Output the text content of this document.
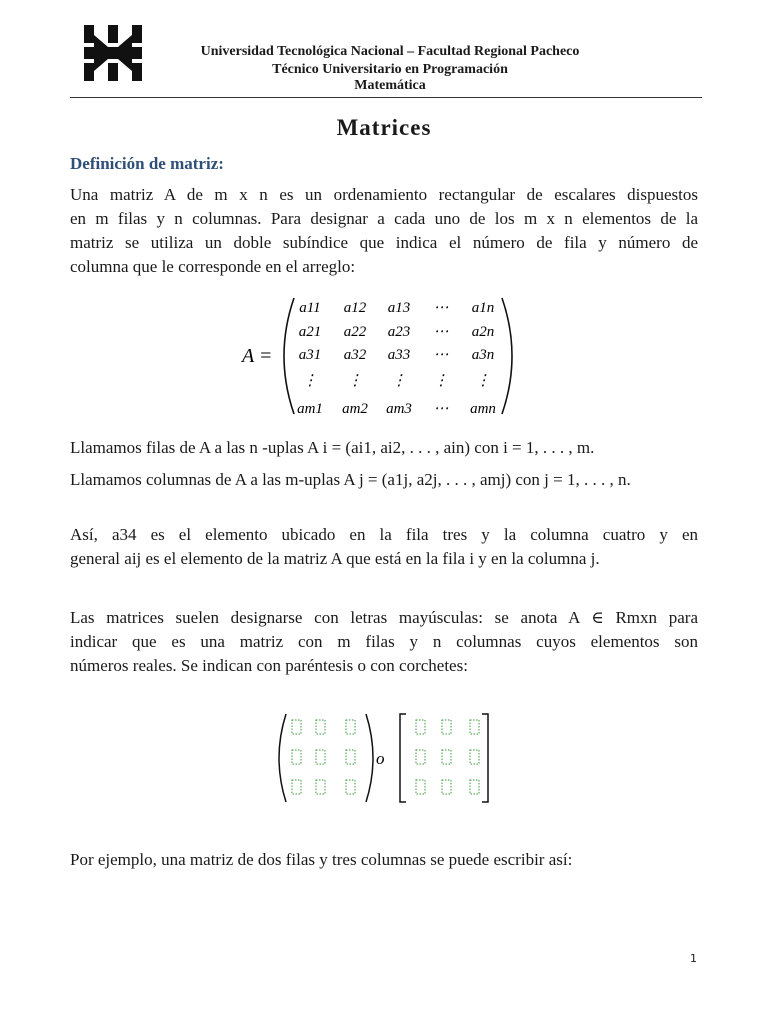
Universidad Tecnológica Nacional – Facultad Regional Pacheco
Técnico Universitario en Programación
Matemática
Matrices
Definición de matriz:
Una matriz A de m x n es un ordenamiento rectangular de escalares dispuestos
en m filas y n columnas. Para designar a cada uno de los m x n elementos de la
matriz se utiliza un doble subíndice que indica el número de fila y número de
columna que le corresponde en el arreglo:
A =
a11 a12 a13 ⋯ a1n
a21 a22 a23 ⋯ a2n
a31 a32 a33 ⋯ a3n
⋮ ⋮ ⋮ ⋮ ⋮
am1 am2 am3 ⋯ amn
Llamamos filas de A a las n -uplas A i = (ai1, ai2, . . . , ain) con i = 1, . . . , m.
Llamamos columnas de A a las m-uplas A j = (a1j, a2j, . . . , amj) con j = 1, . . . , n.
Así, a34 es el elemento ubicado en la fila tres y la columna cuatro y en
general aij es el elemento de la matriz A que está en la fila i y en la columna j.
Las matrices suelen designarse con letras mayúsculas: se anota A ∈ Rmxn para
indicar que es una matriz con m filas y n columnas cuyos elementos son
números reales. Se indican con paréntesis o con corchetes:
o
Por ejemplo, una matriz de dos filas y tres columnas se puede escribir así:
1
